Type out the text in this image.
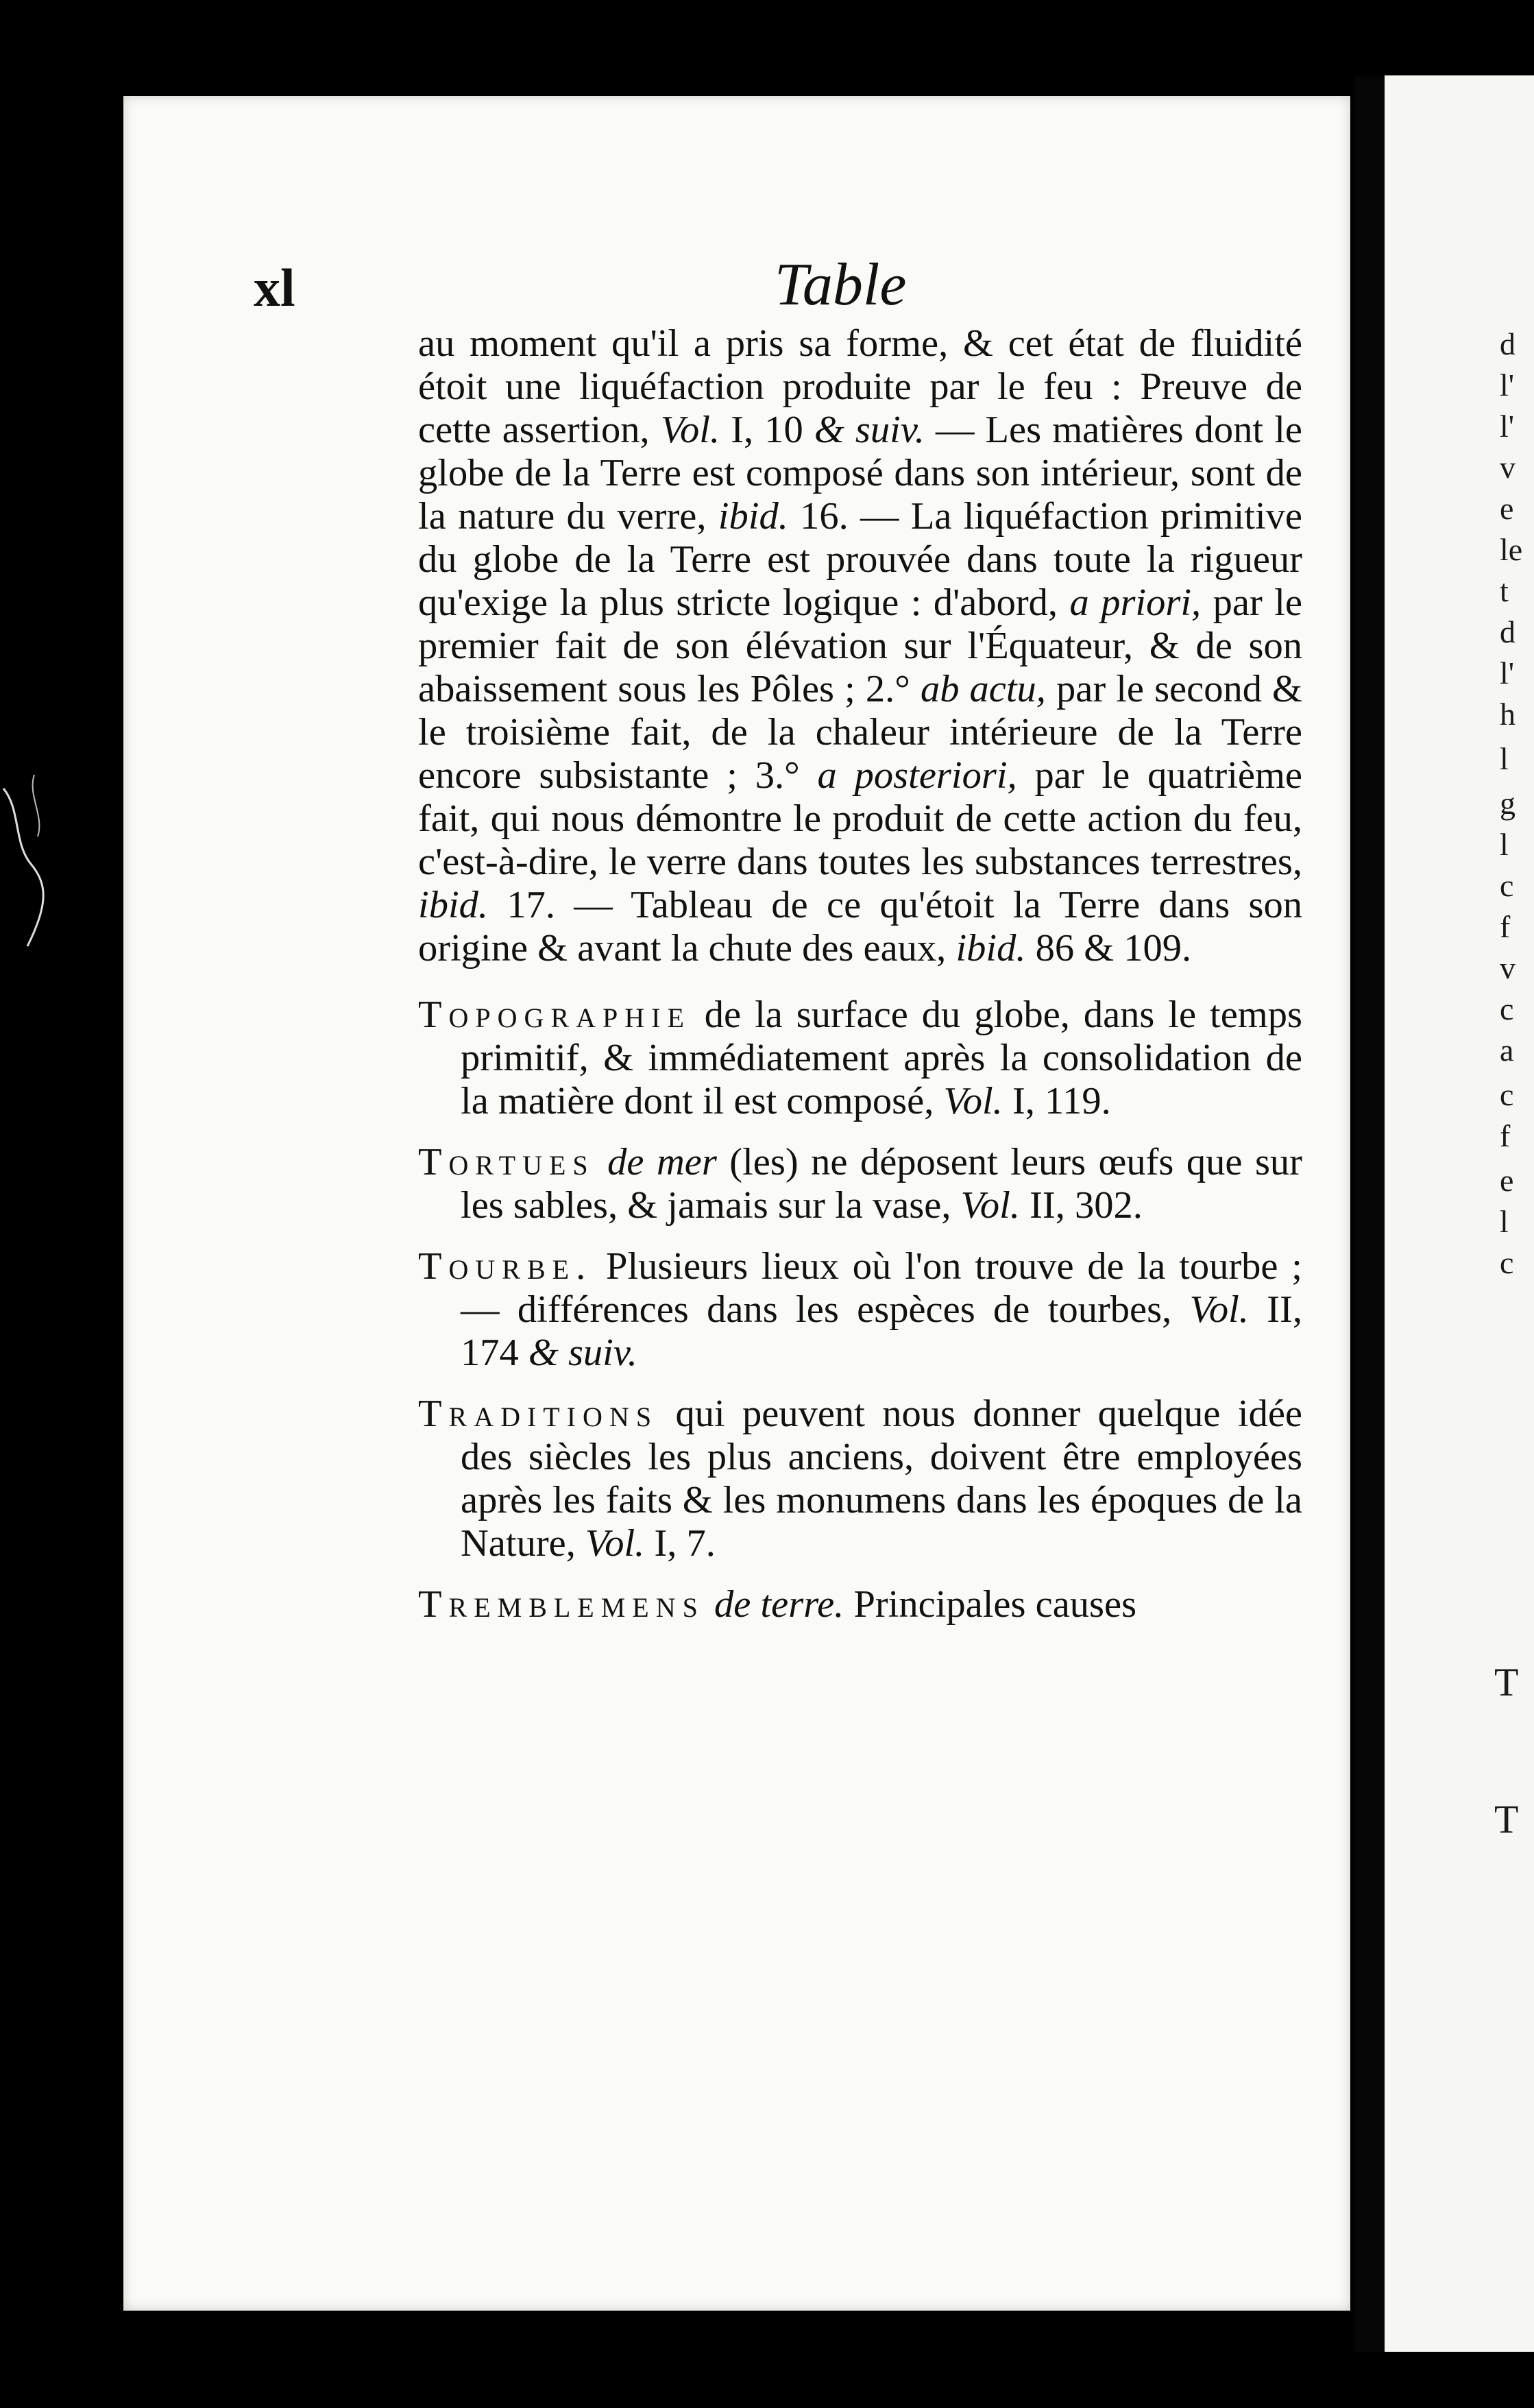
xl	Table

au moment qu'il a pris sa forme, & cet état de fluidité étoit une liquéfaction produite par le feu : Preuve de cette assertion, Vol. I, 10 & suiv. — Les matières dont le globe de la Terre est composé dans son intérieur, sont de la nature du verre, ibid. 16. — La liquéfaction primitive du globe de la Terre est prouvée dans toute la rigueur qu'exige la plus stricte logique : d'abord, a priori, par le premier fait de son élévation sur l'Équateur, & de son abaissement sous les Pôles ; 2.° ab actu, par le second & le troisième fait, de la chaleur intérieure de la Terre encore subsistante ; 3.° a posteriori, par le quatrième fait, qui nous démontre le produit de cette action du feu, c'est-à-dire, le verre dans toutes les substances terrestres, ibid. 17. — Tableau de ce qu'étoit la Terre dans son origine & avant la chute des eaux, ibid. 86 & 109.

Topographie de la surface du globe, dans le temps primitif, & immédiatement après la consolidation de la matière dont il est composé, Vol. I, 119.

Tortues de mer (les) ne déposent leurs œufs que sur les sables, & jamais sur la vase, Vol. II, 302.

Tourbe. Plusieurs lieux où l'on trouve de la tourbe ; — différences dans les espèces de tourbes, Vol. II, 174 & suiv.

Traditions qui peuvent nous donner quelque idée des siècles les plus anciens, doivent être employées après les faits & les monumens dans les époques de la Nature, Vol. I, 7.

Tremblemens de terre. Principales causes

d
l'
l'
v
e
le
t
d
l'
h
l
g
l
c
f
v
c
a
c
f
e
l
c
T
T
